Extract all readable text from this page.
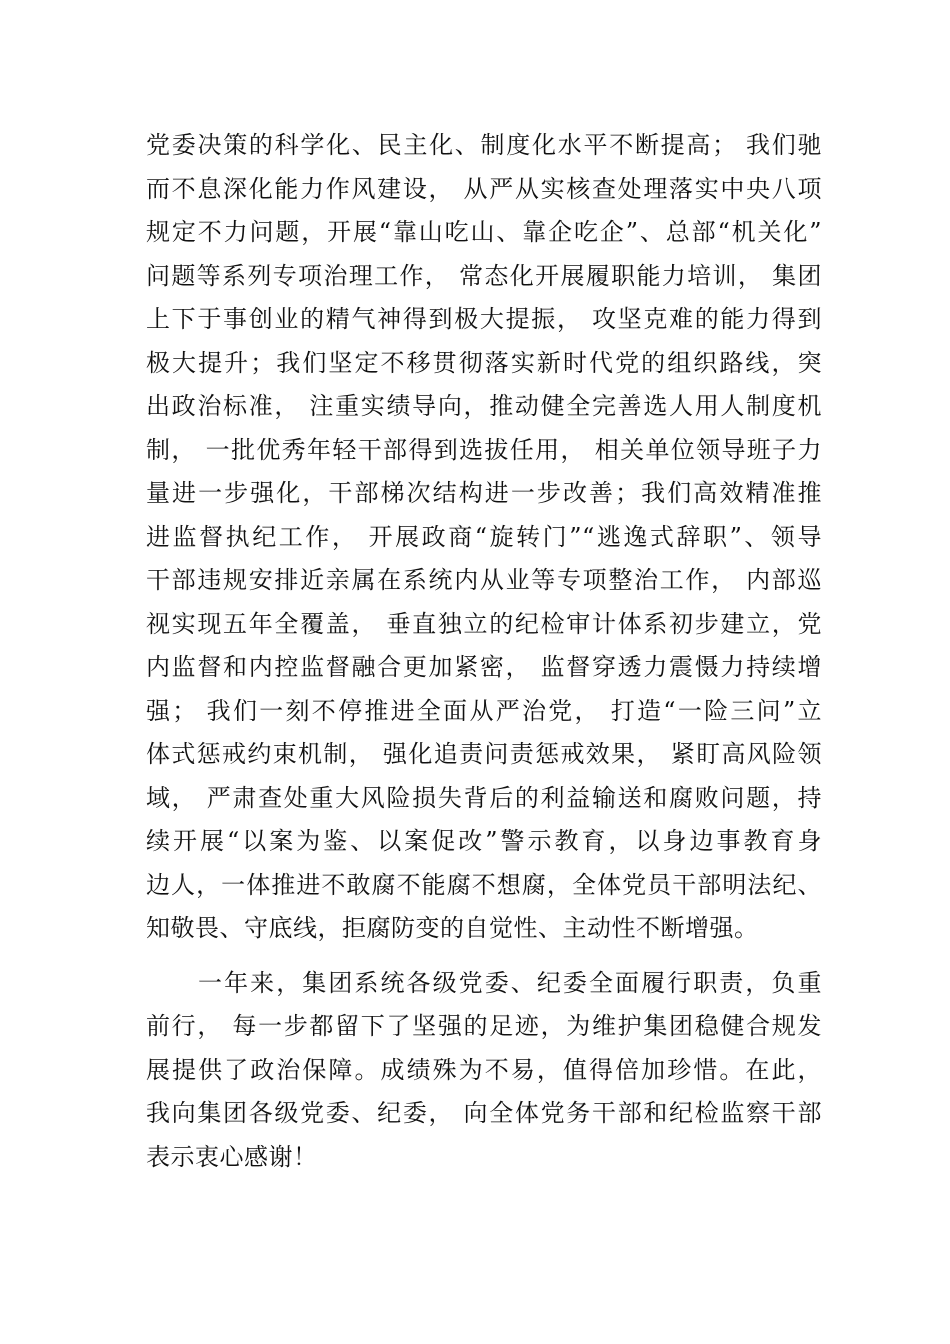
党委决策的科学化、民主化、制度化水平不断提高； 我们驰
而不息深化能力作风建设， 从严从实核查处理落实中央八项
规定不力问题，开展“靠山吃山、靠企吃企”、总部“机关化”
问题等系列专项治理工作， 常态化开展履职能力培训， 集团
上下于事创业的精气神得到极大提振， 攻坚克难的能力得到
极大提升；我们坚定不移贯彻落实新时代党的组织路线，突
出政治标准， 注重实绩导向，推动健全完善选人用人制度机
制， 一批优秀年轻干部得到选拔任用， 相关单位领导班子力
量进一步强化，干部梯次结构进一步改善；我们高效精准推
进监督执纪工作， 开展政商“旋转门”“逃逸式辞职”、领导
干部违规安排近亲属在系统内从业等专项整治工作， 内部巡
视实现五年全覆盖， 垂直独立的纪检审计体系初步建立，党
内监督和内控监督融合更加紧密， 监督穿透力震慑力持续增
强； 我们一刻不停推进全面从严治党， 打造“一险三问”立
体式惩戒约束机制， 强化追责问责惩戒效果， 紧盯高风险领
域， 严肃查处重大风险损失背后的利益输送和腐败问题，持
续开展“以案为鉴、以案促改”警示教育，以身边事教育身
边人，一体推进不敢腐不能腐不想腐，全体党员干部明法纪、
知敬畏、守底线，拒腐防变的自觉性、主动性不断增强。
一年来，集团系统各级党委、纪委全面履行职责，负重
前行， 每一步都留下了坚强的足迹，为维护集团稳健合规发
展提供了政治保障。成绩殊为不易，值得倍加珍惜。在此，
我向集团各级党委、纪委， 向全体党务干部和纪检监察干部
表示衷心感谢！
